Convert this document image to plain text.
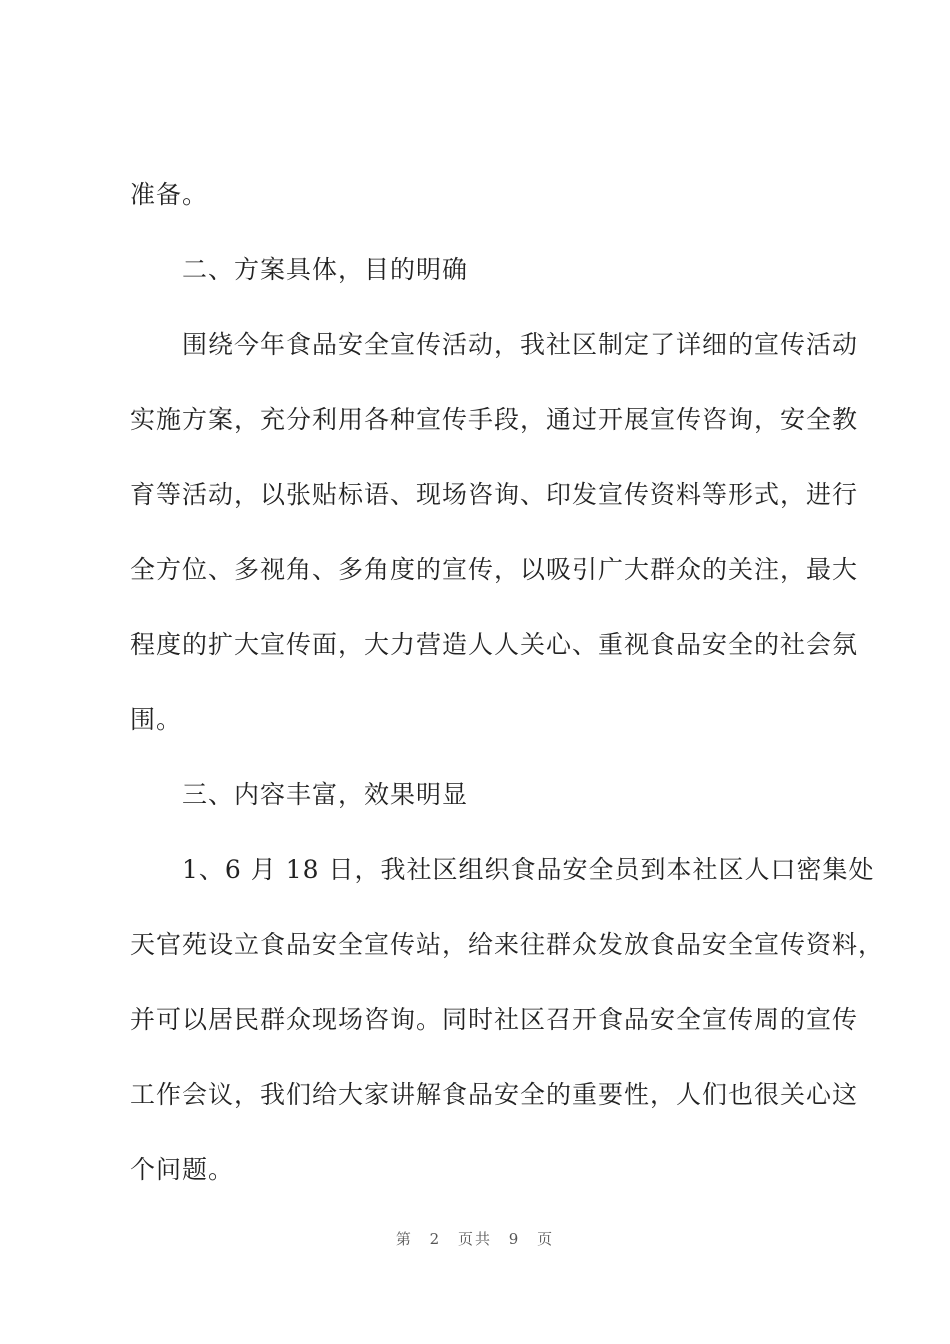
准备。
　　二、方案具体，目的明确
　　围绕今年食品安全宣传活动，我社区制定了详细的宣传活动
实施方案，充分利用各种宣传手段，通过开展宣传咨询，安全教
育等活动，以张贴标语、现场咨询、印发宣传资料等形式，进行
全方位、多视角、多角度的宣传，以吸引广大群众的关注，最大
程度的扩大宣传面，大力营造人人关心、重视食品安全的社会氛
围。
　　三、内容丰富，效果明显
　　1、6 月 18 日，我社区组织食品安全员到本社区人口密集处
天官苑设立食品安全宣传站，给来往群众发放食品安全宣传资料，
并可以居民群众现场咨询。同时社区召开食品安全宣传周的宣传
工作会议，我们给大家讲解食品安全的重要性，人们也很关心这
个问题。
第 2 页共 9 页
